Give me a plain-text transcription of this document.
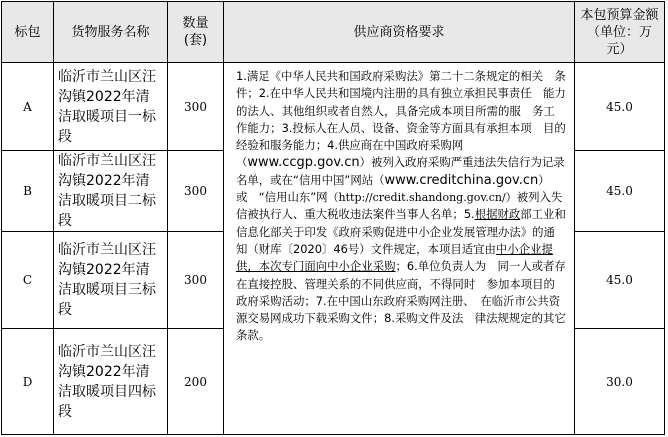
标包	货物服务名称	数量(套)	供应商资格要求	本包预算金额（单位：万元）
A	临沂市兰山区汪沟镇2022年清洁取暖项目一标段	300	1.满足《中华人民共和国政府采购法》第二十二条规定的相关　条件；2.在中华人民共和国境内注册的具有独立承担民事责任　能力的法人、其他组织或者自然人，具备完成本项目所需的服　务工作能力；3.投标人在人员、设备、资金等方面具有承担本项　目的经验和服务能力；4.供应商在中国政府采购网（www.ccgp.gov.cn）被列入政府采购严重违法失信行为记录　名单，或在“信用中国”网站（www.creditchina.gov.cn）或　“信用山东”网（http://credit.shandong.gov.cn/）被列入失信被执行人、重大税收违法案件当事人名单；5.根据财政部工业和信息化部关于印发《政府采购促进中小企业发展管理办法》的通知（财库〔2020〕46号）文件规定，本项目适宜由中小企业提供，本次专门面向中小企业采购；6.单位负责人为　同一人或者存在直接控股、管理关系的不同供应商，不得同时　参加本项目的政府采购活动；7.在中国山东政府采购网注册、　在临沂市公共资源交易网成功下载采购文件；8.采购文件及法　律法规规定的其它条款。	45.0
B	临沂市兰山区汪沟镇2022年清洁取暖项目二标段	300		45.0
C	临沂市兰山区汪沟镇2022年清洁取暖项目三标段	300		45.0
D	临沂市兰山区汪沟镇2022年清洁取暖项目四标段	200		30.0
